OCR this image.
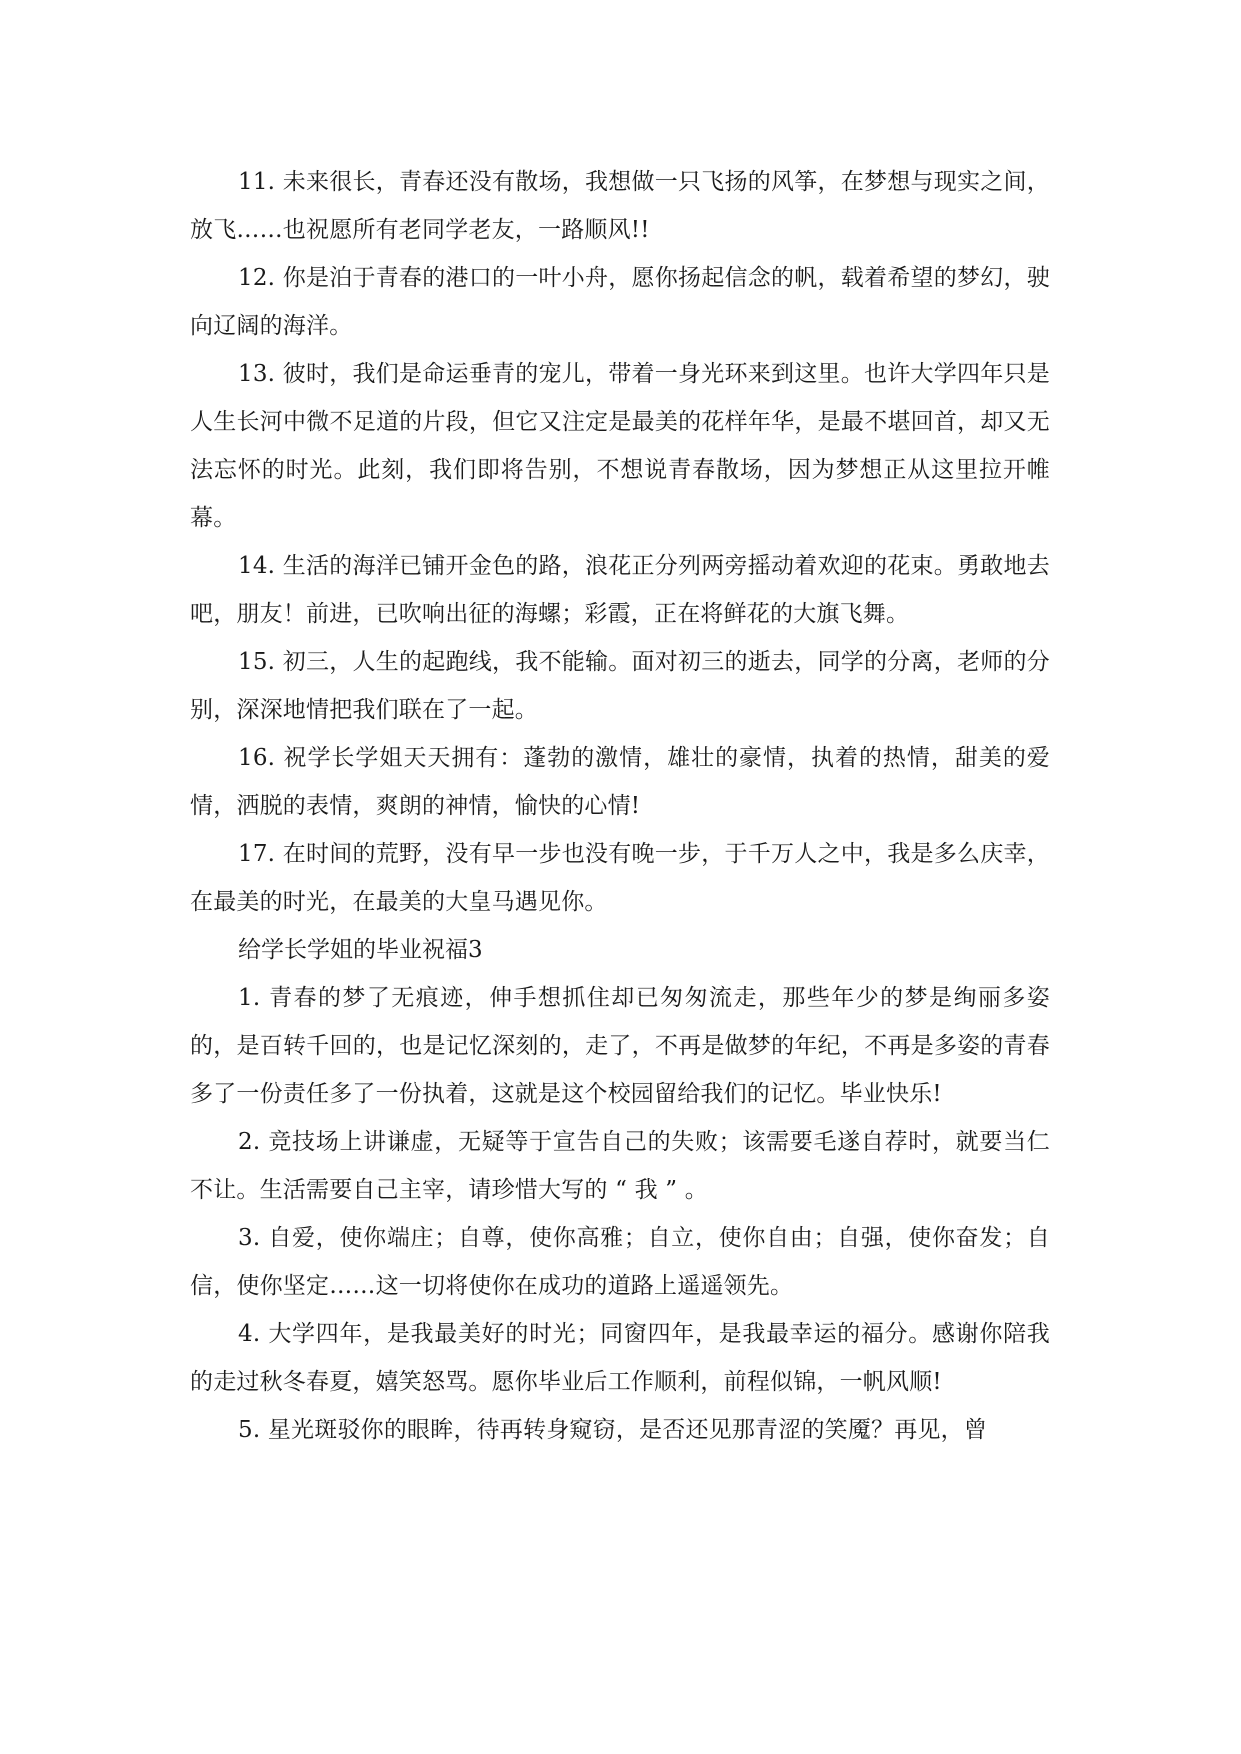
11. 未来很长，青春还没有散场，我想做一只飞扬的风筝，在梦想与现实之间，放飞……也祝愿所有老同学老友，一路顺风!!

12. 你是泊于青春的港口的一叶小舟，愿你扬起信念的帆，载着希望的梦幻，驶向辽阔的海洋。

13. 彼时，我们是命运垂青的宠儿，带着一身光环来到这里。也许大学四年只是人生长河中微不足道的片段，但它又注定是最美的花样年华，是最不堪回首，却又无法忘怀的时光。此刻，我们即将告别，不想说青春散场，因为梦想正从这里拉开帷幕。

14. 生活的海洋已铺开金色的路，浪花正分列两旁摇动着欢迎的花束。勇敢地去吧，朋友！前进，已吹响出征的海螺；彩霞，正在将鲜花的大旗飞舞。

15. 初三，人生的起跑线，我不能输。面对初三的逝去，同学的分离，老师的分别，深深地情把我们联在了一起。

16. 祝学长学姐天天拥有：蓬勃的激情，雄壮的豪情，执着的热情，甜美的爱情，洒脱的表情，爽朗的神情，愉快的心情!

17. 在时间的荒野，没有早一步也没有晚一步，于千万人之中，我是多么庆幸，在最美的时光，在最美的大皇马遇见你。

给学长学姐的毕业祝福3

1. 青春的梦了无痕迹，伸手想抓住却已匆匆流走，那些年少的梦是绚丽多姿的，是百转千回的，也是记忆深刻的，走了，不再是做梦的年纪，不再是多姿的青春多了一份责任多了一份执着，这就是这个校园留给我们的记忆。毕业快乐!

2. 竞技场上讲谦虚，无疑等于宣告自己的失败；该需要毛遂自荐时，就要当仁不让。生活需要自己主宰，请珍惜大写的 “ 我 ” 。

3. 自爱，使你端庄；自尊，使你高雅；自立，使你自由；自强，使你奋发；自信，使你坚定……这一切将使你在成功的道路上遥遥领先。

4. 大学四年，是我最美好的时光；同窗四年，是我最幸运的福分。感谢你陪我的走过秋冬春夏，嬉笑怒骂。愿你毕业后工作顺利，前程似锦，一帆风顺!

5. 星光斑驳你的眼眸，待再转身窥窃，是否还见那青涩的笑魇？再见，曾
